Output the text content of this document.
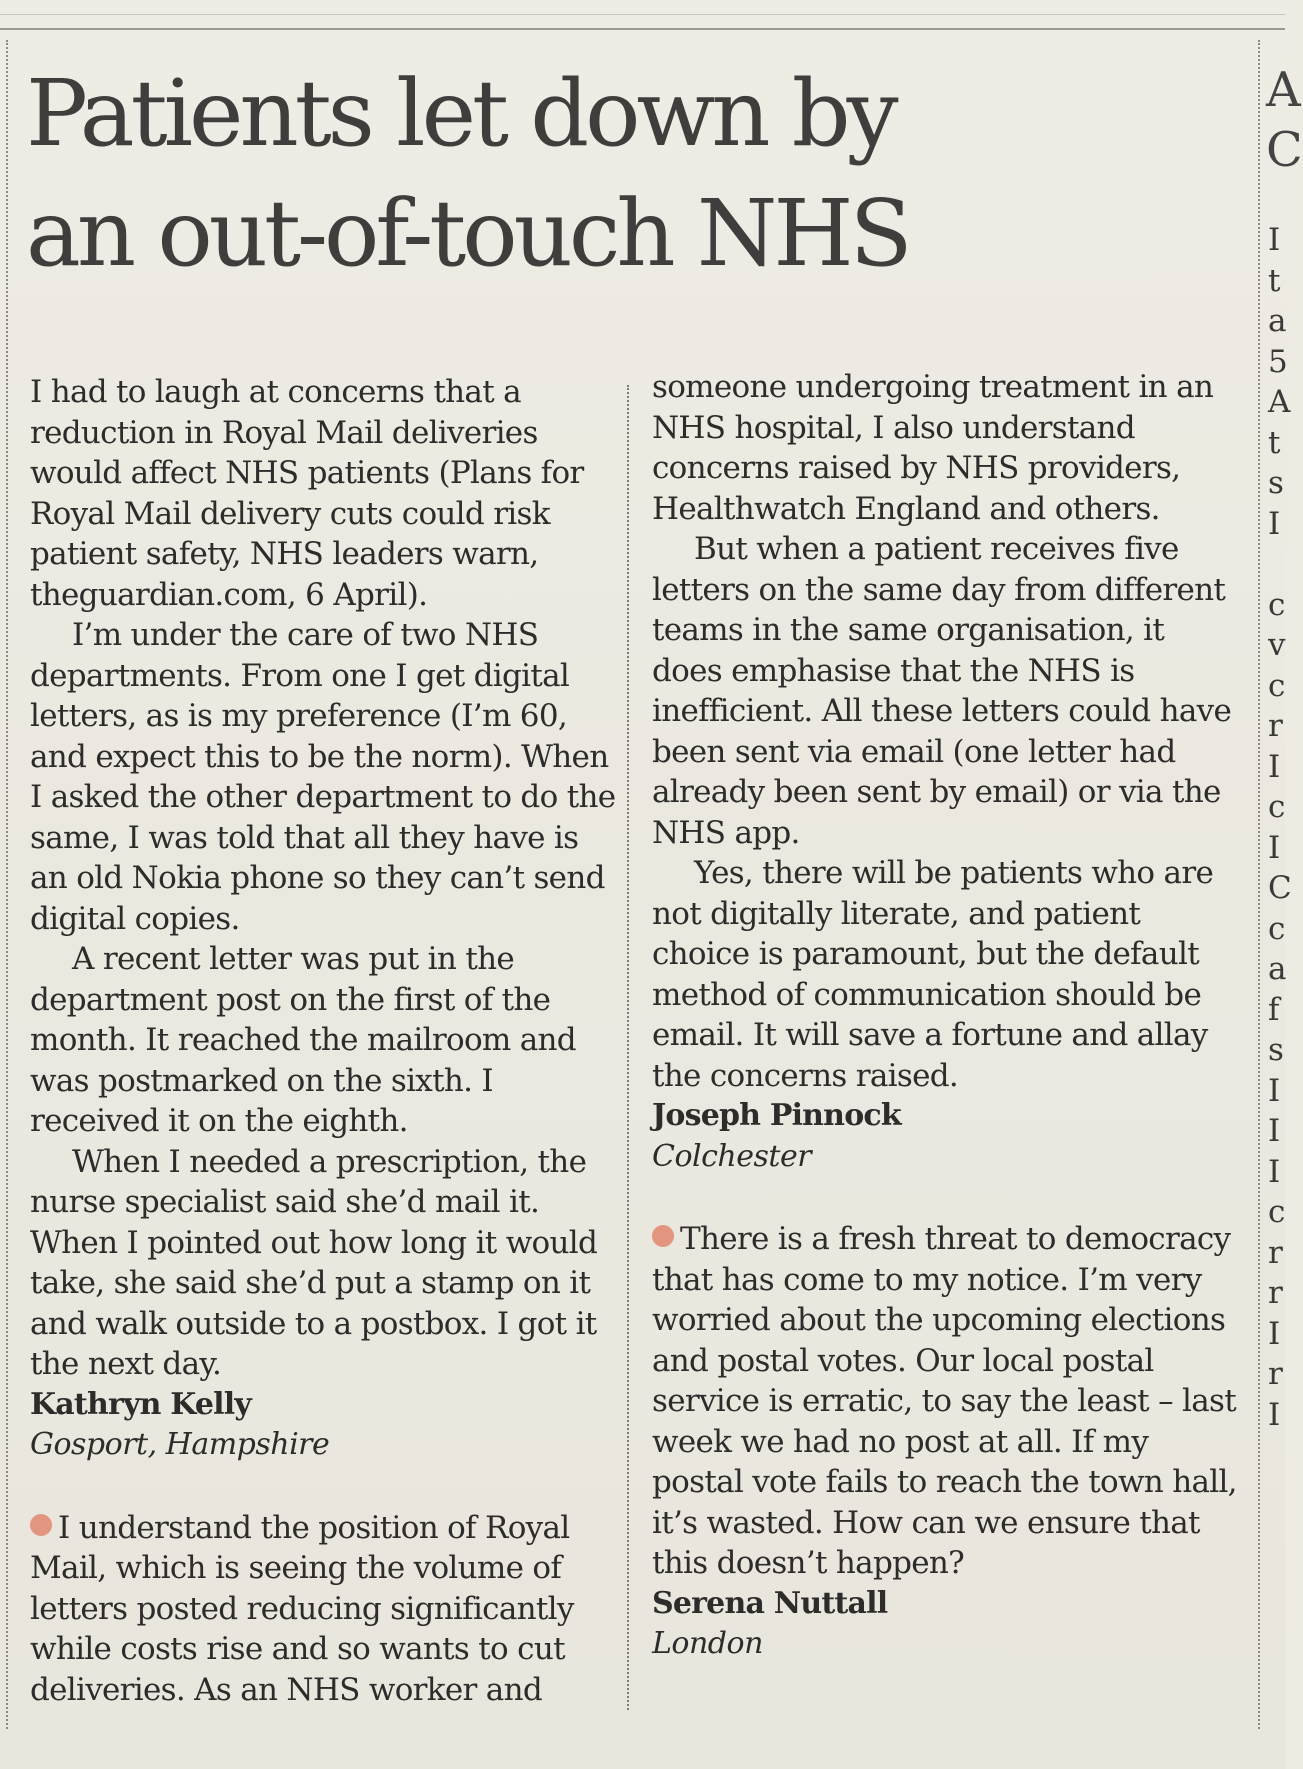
Patients let down by
an out-of-touch NHS

I had to laugh at concerns that a reduction in Royal Mail deliveries would affect NHS patients (Plans for Royal Mail delivery cuts could risk patient safety, NHS leaders warn, theguardian.com, 6 April).

I’m under the care of two NHS departments. From one I get digital letters, as is my preference (I’m 60, and expect this to be the norm). When I asked the other department to do the same, I was told that all they have is an old Nokia phone so they can’t send digital copies.

A recent letter was put in the department post on the first of the month. It reached the mailroom and was postmarked on the sixth. I received it on the eighth.

When I needed a prescription, the nurse specialist said she’d mail it. When I pointed out how long it would take, she said she’d put a stamp on it and walk outside to a postbox. I got it the next day.

Kathryn Kelly

Gosport, Hampshire

I understand the position of Royal Mail, which is seeing the volume of letters posted reducing significantly while costs rise and so wants to cut deliveries. As an NHS worker and

someone undergoing treatment in an NHS hospital, I also understand concerns raised by NHS providers, Healthwatch England and others.

But when a patient receives five letters on the same day from different teams in the same organisation, it does emphasise that the NHS is inefficient. All these letters could have been sent via email (one letter had already been sent by email) or via the NHS app.

Yes, there will be patients who are not digitally literate, and patient choice is paramount, but the default method of communication should be email. It will save a fortune and allay the concerns raised.

Joseph Pinnock

Colchester

There is a fresh threat to democracy that has come to my notice. I’m very worried about the upcoming elections and postal votes. Our local postal service is erratic, to say the least – last week we had no post at all. If my postal vote fails to reach the town hall, it’s wasted. How can we ensure that this doesn’t happen?

Serena Nuttall

London

A
C
I
t
a
5
A
t
s
I

c
v
c
r
I
c
I
C
c
a
f
s
I
I
I
c
r
r
I
r
I
